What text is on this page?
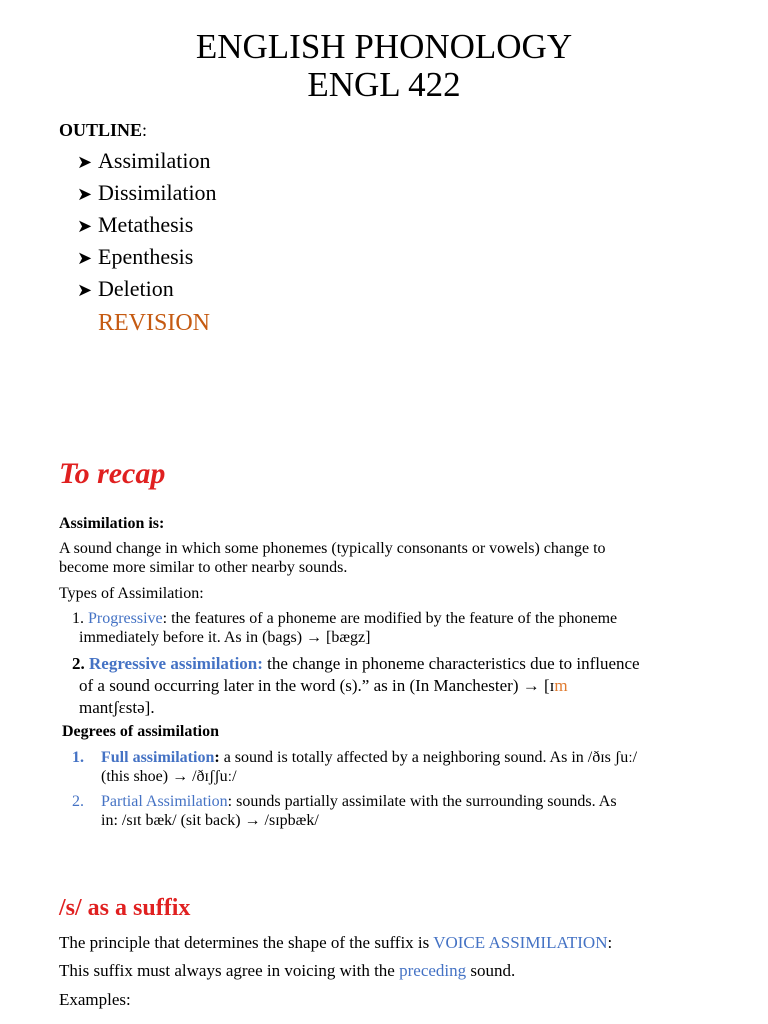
ENGLISH PHONOLOGY
ENGL 422
OUTLINE:
➤ Assimilation
➤ Dissimilation
➤ Metathesis
➤ Epenthesis
➤ Deletion
REVISION
To recap
Assimilation is:
A sound change in which some phonemes (typically consonants or vowels) change to
become more similar to other nearby sounds.
Types of Assimilation:
1. Progressive: the features of a phoneme are modified by the feature of the phoneme
immediately before it. As in (bags) → [bægz]
2. Regressive assimilation: the change in phoneme characteristics due to influence
of a sound occurring later in the word (s).” as in (In Manchester) → [ɪm
mantʃɛstə].
Degrees of assimilation
1. Full assimilation: a sound is totally affected by a neighboring sound. As in /ðɪs ʃuː/
(this shoe) → /ðɪʃʃuː/
2. Partial Assimilation: sounds partially assimilate with the surrounding sounds. As
in: /sɪt bæk/ (sit back) → /sɪpbæk/
/s/ as a suffix
The principle that determines the shape of the suffix is VOICE ASSIMILATION:
This suffix must always agree in voicing with the preceding sound.
Examples:
